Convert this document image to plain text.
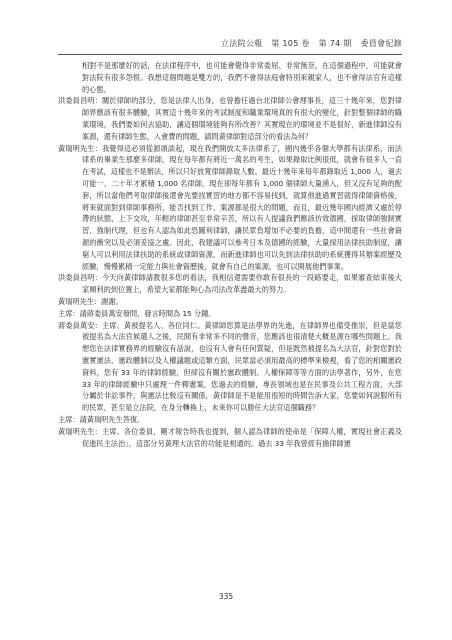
立法院公報 第 105 卷 第 74 期 委員會紀錄

相對不是那麼好的話，在法律程序中，也可能會覺得非常委屈、非常無奈，在這個過程中，可能就會對法院有很多怨恨。我想這個問題是雙方的，我們不會得法庭會特別來親家人，也不會得法官有這樣的心態。

洪委員昌明：關於律師的部分，您是法律人出身，也曾擔任過台北律師公會理事長，這三十幾年來，您對律師界應該有很多體驗，其實這十幾年來的考試制度和職業環境真的有很大的變化，針對整個律師的職業環境，我們要如何去協助，讓這個環境能夠有所改善？其實現在的環境並不是很好，新進律師沒有案源，還有律師生態，入會費的問題，請問黃律師對這部分的看法為何？

黃瑞明先生：我覺得這必須從源頭談起，現在我們開放太多法律系了，國內幾乎各個大學都有法律系，而法律系的畢業生那麼多律師，現在每年都有將近一萬名的考生，如果錄取比例很低，就會有很多人一直在考試，這樣也不是辦法，所以只好放寬律師錄取人數。最近十幾年來每年都錄取近 1,000 人，過去可能一、二十年才累積 1,000 名律師，現在卻每年都有 1,000 個律師大量湧入，但又沒有足夠的配套，所以當他們考取律師後還會先要找實習的地方都不容易找到，就算他進過實習就得律師資格後，將來就面對到律師事務所，能否找到工作，案源都是很大的問題，而且，最近幾年國內經濟又處於停滯的狀態，上下交攻，年輕的律師甚至非常辛苦，所以有人提議我們應該仿效德國，採取律師強制實習、強制代理，但也有人認為如此恐圖利律師，讓民眾負增加不必要的負擔，這中間還有一些社會資源的衝突以及必須妥協之處。因此，我建議可以參考日本及德國的經驗，大量採用法律扶助制度，讓窮人可以利用法律扶助的系統或律師資源，而新進律師也可以先到法律扶助的系統獲得其辦案經歷及經驗，慢慢累積一定能力與社會資歷後，就會有自己的案源，也可以開展他們事業。

洪委員昌明：今天向黃律師請教很多您的看法，我相信還需要你敢有很長的一段路要走，如果審查結束後大家順利的到位置上，希望大家都能夠心為司法改革盡最大的努力。

黃瑞明先生：謝謝。

主席：請蔣委員萬安發問，發言時間為 15 分鐘。

蔣委員萬安：主席、黃被提名人、各位同仁。黃律師您算是法學界的先進，在律師界也備受推崇，但是當您被提名為大法官候選人之後，民間有非常多不同的聲音，您應該也很清楚大概是源在哪些問題上。我想您在法律實務界的經驗沒有話說，也沒有人會有任何質疑，但是既然被提名為大法官，針對您對於憲實憲法、憲政體制以及人權議題或這類方面，民眾當必須用最高的標準來檢視，看了您的相關憲政資料，您有 33 年的律師經驗，但卻沒有關於憲政體制、人權保障等等方面的法學著作，另外，在您 33 年的律師經驗中只處理一件釋憲案，您過去的經驗，專長領域也是在民事及公共工程方面，大部分屬於非訟事件，與憲法比較沒有關係，黃律師是不是能用很短的時間告訴大家，您要如何說服所有的民眾，甚至是立法院，在身分轉換上，未來你可以勝任大法官這個職務？

主席：請黃瑞明先生答復。

黃瑞明先生：主席、各位委員，剛才報告時我也提到，個人認為律師的使命是「保障人權，實現社會正義及促進民主法治」，這部分另黃理大法官的功能是相通的。過去 33 年我曾經有擔律師憲

335
